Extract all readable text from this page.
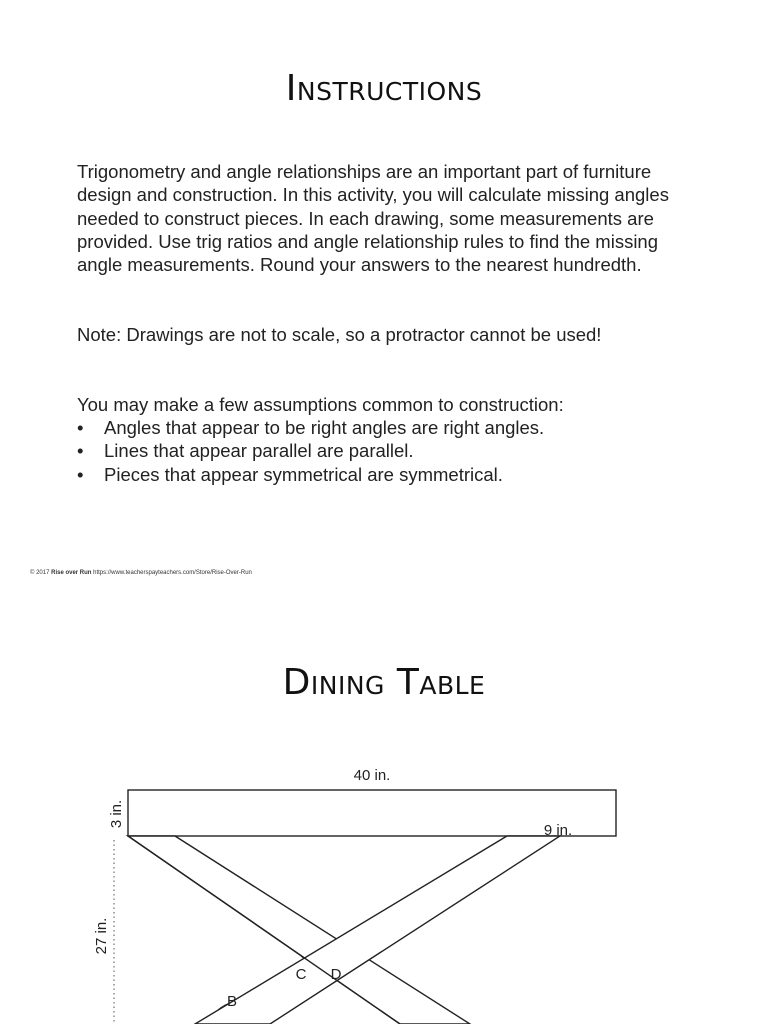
Instructions

Trigonometry and angle relationships are an important part of furniture design and construction. In this activity, you will calculate missing angles needed to construct pieces. In each drawing, some measurements are provided. Use trig ratios and angle relationship rules to find the missing angle measurements. Round your answers to the nearest hundredth.

Note: Drawings are not to scale, so a protractor cannot be used!

You may make a few assumptions common to construction:

• Angles that appear to be right angles are right angles.
• Lines that appear parallel are parallel.
• Pieces that appear symmetrical are symmetrical.
© 2017 Rise over Run https://www.teacherspayteachers.com/Store/Rise-Over-Run
Dining Table
40 in.
3 in.
9 in.
27 in.
B
C D
